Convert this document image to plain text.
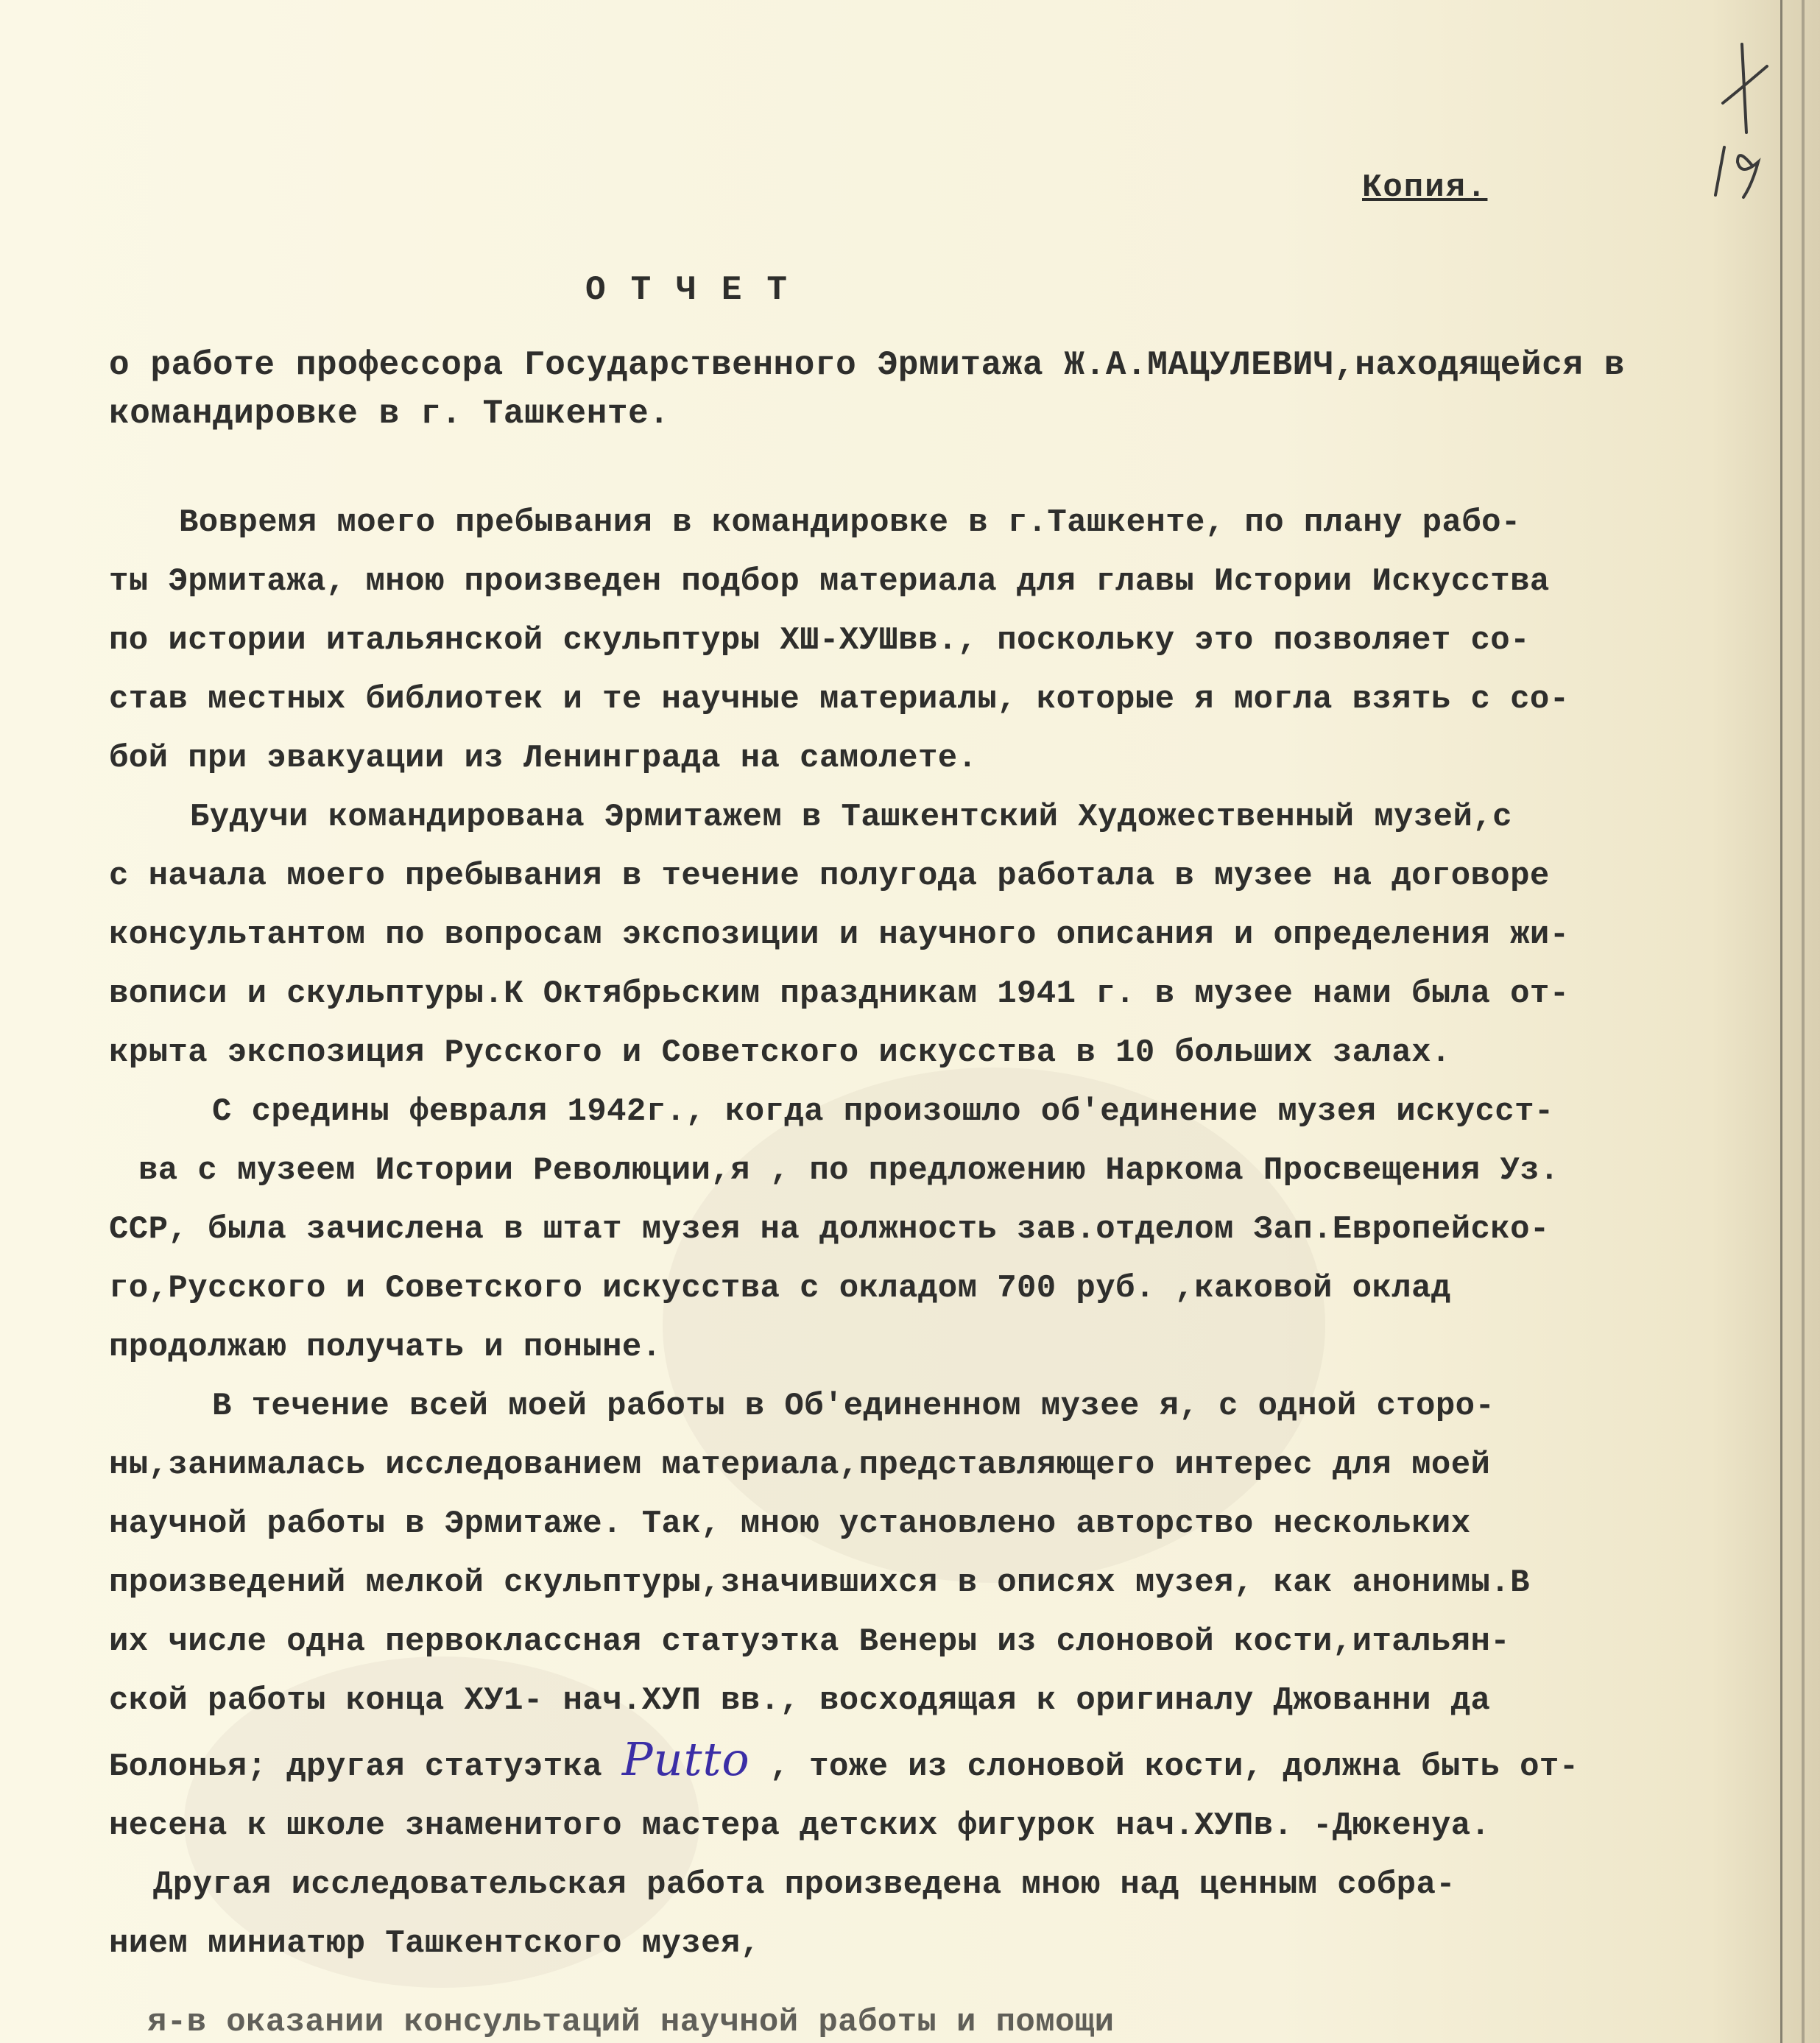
Копия.
ОТЧЕТ
о работе профессора Государственного Эрмитажа Ж.А.МАЦУЛЕВИЧ,находящейся в
командировке в г. Ташкенте.
Вовремя моего пребывания в командировке в г.Ташкенте, по плану рабо-
ты Эрмитажа, мною произведен подбор материала для главы Истории Искусства
по истории итальянской скульптуры XШ-XУШвв., поскольку это позволяет со-
став местных библиотек и те научные материалы, которые я могла взять с со-
бой при эвакуации из Ленинграда на самолете.
Будучи командирована Эрмитажем в Ташкентский Художественный музей,с
с начала моего пребывания в течение полугода работала в музее на договоре
консультантом по вопросам экспозиции и научного описания и определения жи-
вописи и скульптуры.К Октябрьским праздникам 1941 г. в музее нами была от-
крыта экспозиция Русского и Советского искусства в 10 больших залах.
С средины февраля 1942г., когда произошло об'единение музея искусст-
ва с музеем Истории Революции,я , по предложению Наркома Просвещения Уз.
ССР, была зачислена в штат музея на должность зав.отделом Зап.Европейско-
го,Русского и Советского искусства с окладом 700 руб. ,каковой оклад
продолжаю получать и поныне.
В течение всей моей работы в Об'единенном музее я, с одной сторо-
ны,занималась исследованием материала,представляющего интерес для моей
научной работы в Эрмитаже. Так, мною установлено авторство нескольких
произведений мелкой скульптуры,значившихся в описях музея, как анонимы.В
их числе одна первоклассная статуэтка Венеры из слоновой кости,итальян-
ской работы конца XУ1- нач.XУП вв., восходящая к оригиналу Джованни да
Болонья; другая статуэтка Putto , тоже из слоновой кости, должна быть от-
несена к школе знаменитого мастера детских фигурок нач.XУПв. -Дюкенуа.
Другая исследовательская работа произведена мною над ценным собра-
нием миниатюр Ташкентского музея,
я-в оказании консультаций научной работы и помощи
